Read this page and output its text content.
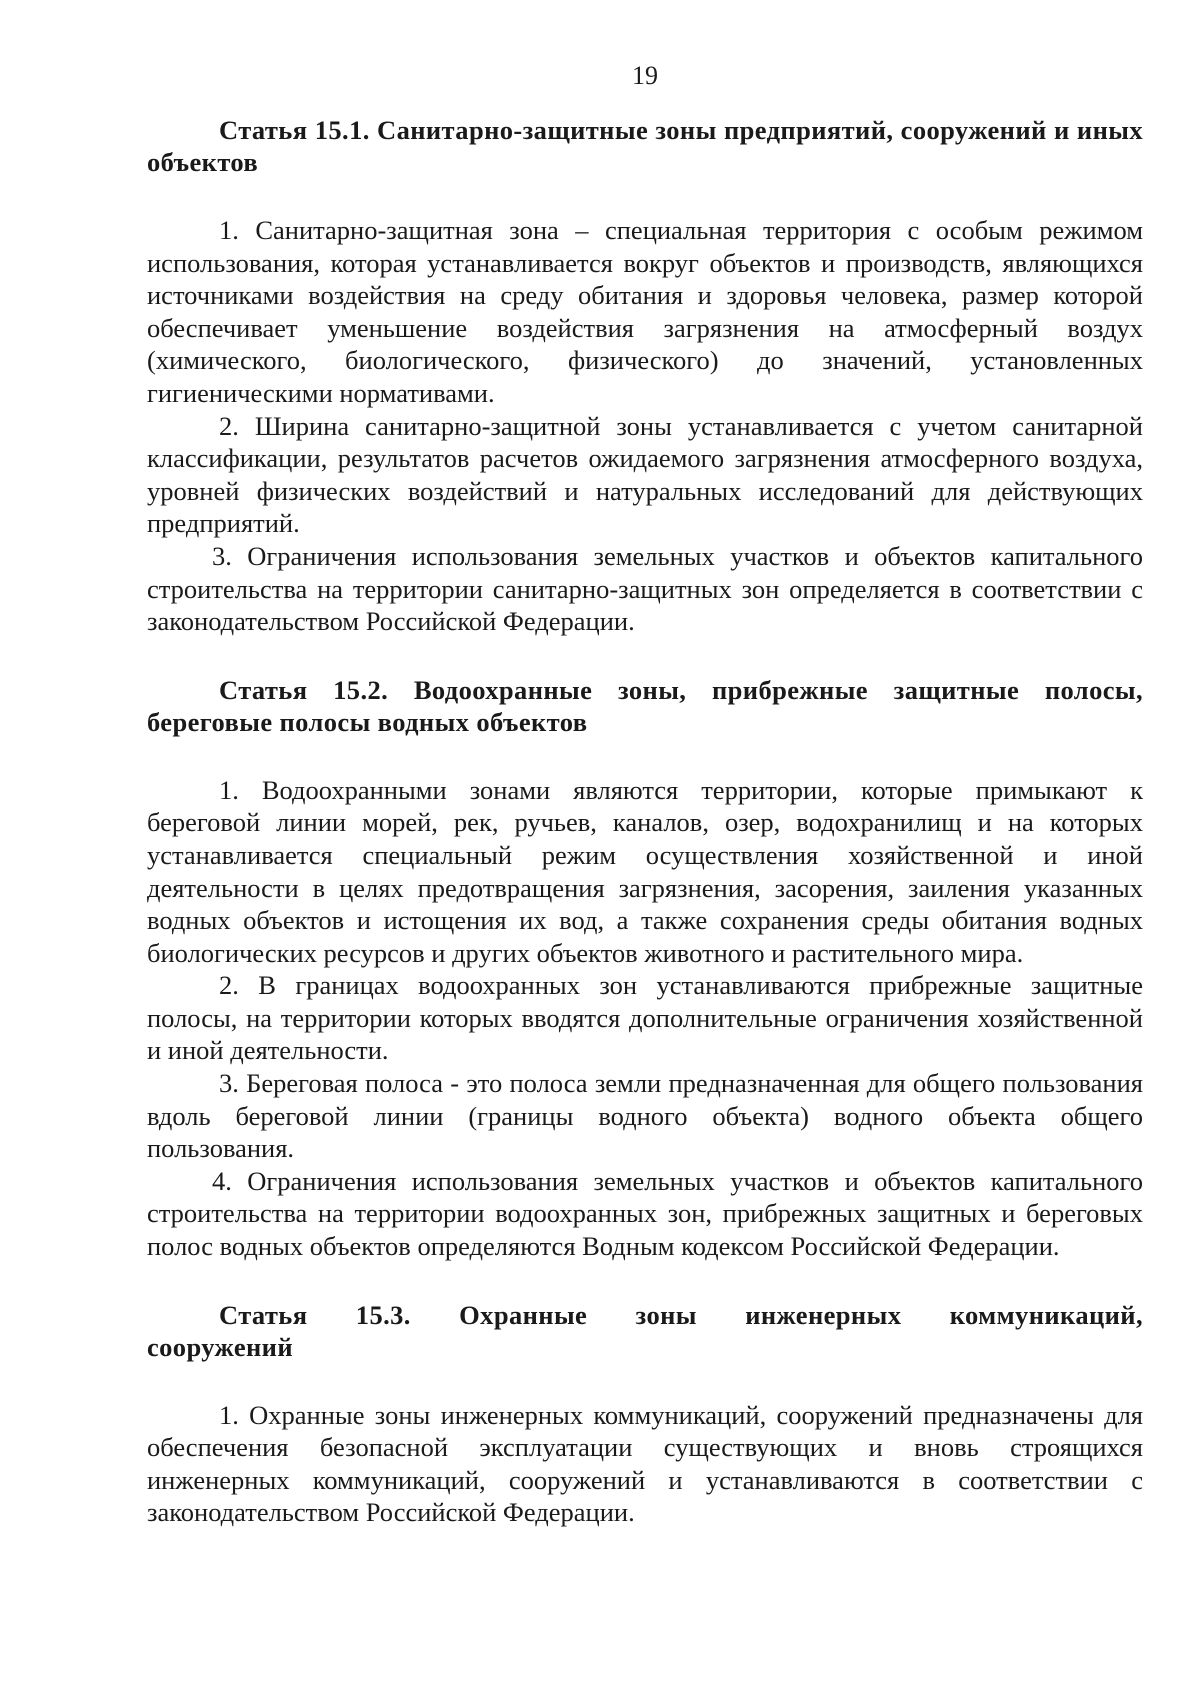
19
Статья 15.1. Санитарно-защитные зоны предприятий, сооружений и иных объектов

1. Санитарно-защитная зона – специальная территория с особым режимом использования, которая устанавливается вокруг объектов и производств, являющихся источниками воздействия на среду обитания и здоровья человека, размер которой обеспечивает уменьшение воздействия загрязнения на атмосферный воздух (химического, биологического, физического) до значений, установленных гигиеническими нормативами.

2. Ширина санитарно-защитной зоны устанавливается с учетом санитарной классификации, результатов расчетов ожидаемого загрязнения атмосферного воздуха, уровней физических воздействий и натуральных исследований для действующих предприятий.

3. Ограничения использования земельных участков и объектов капитального строительства на территории санитарно-защитных зон определяется в соответствии с законодательством Российской Федерации.

Статья 15.2. Водоохранные зоны, прибрежные защитные полосы, береговые полосы водных объектов

1. Водоохранными зонами являются территории, которые примыкают к береговой линии морей, рек, ручьев, каналов, озер, водохранилищ и на которых устанавливается специальный режим осуществления хозяйственной и иной деятельности в целях предотвращения загрязнения, засорения, заиления указанных водных объектов и истощения их вод, а также сохранения среды обитания водных биологических ресурсов и других объектов животного и растительного мира.

2. В границах водоохранных зон устанавливаются прибрежные защитные полосы, на территории которых вводятся дополнительные ограничения хозяйственной и иной деятельности.

3. Береговая полоса - это полоса земли предназначенная для общего пользования вдоль береговой линии (границы водного объекта) водного объекта общего пользования.

4. Ограничения использования земельных участков и объектов капитального строительства на территории водоохранных зон, прибрежных защитных и береговых полос водных объектов определяются Водным кодексом Российской Федерации.

Статья 15.3. Охранные зоны инженерных коммуникаций, сооружений

1. Охранные зоны инженерных коммуникаций, сооружений предназначены для обеспечения безопасной эксплуатации существующих и вновь строящихся инженерных коммуникаций, сооружений и устанавливаются в соответствии с законодательством Российской Федерации.
